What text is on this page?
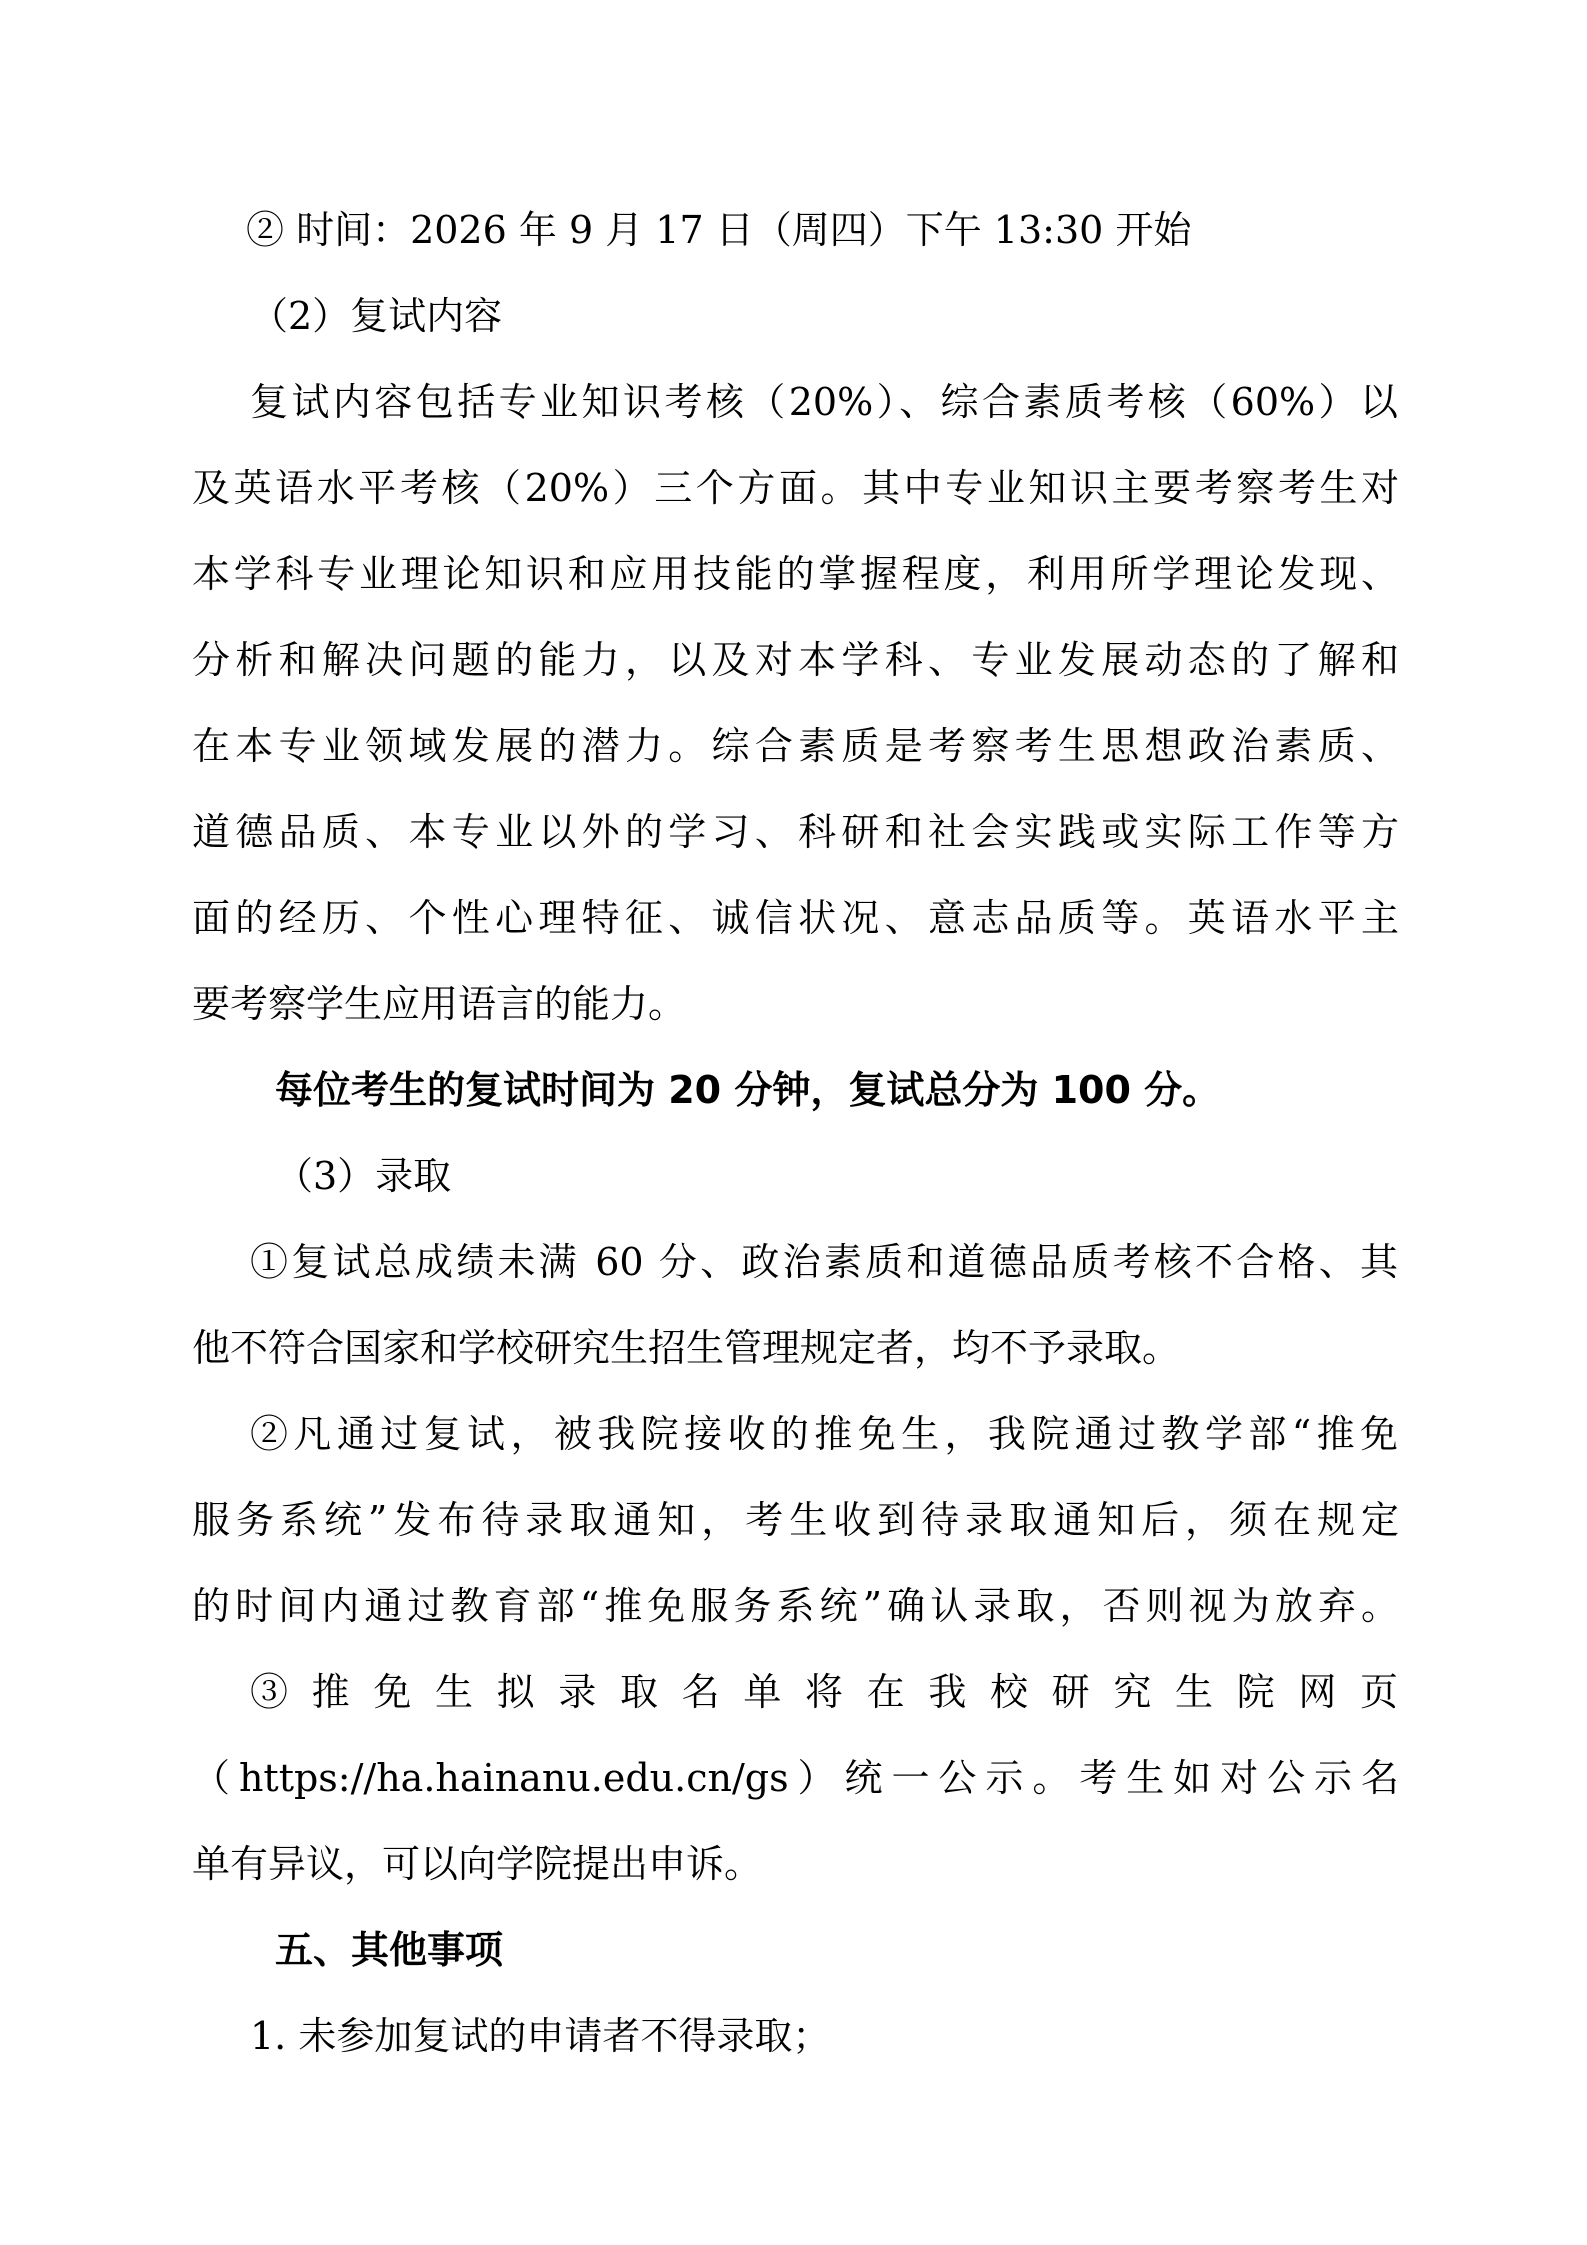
② 时间：2026 年 9 月 17 日（周四）下午 13:30 开始
（2）复试内容
复试内容包括专业知识考核（20%）、综合素质考核（60%）以
及英语水平考核（20%）三个方面。其中专业知识主要考察考生对
本学科专业理论知识和应用技能的掌握程度，利用所学理论发现、
分析和解决问题的能力，以及对本学科、专业发展动态的了解和
在本专业领域发展的潜力。综合素质是考察考生思想政治素质、
道德品质、本专业以外的学习、科研和社会实践或实际工作等方
面的经历、个性心理特征、诚信状况、意志品质等。英语水平主
要考察学生应用语言的能力。
每位考生的复试时间为 20 分钟，复试总分为 100 分。
（3）录取
①复试总成绩未满 60 分、政治素质和道德品质考核不合格、其
他不符合国家和学校研究生招生管理规定者，均不予录取。
②凡通过复试，被我院接收的推免生，我院通过教学部“推免
服务系统”发布待录取通知，考生收到待录取通知后，须在规定
的时间内通过教育部“推免服务系统”确认录取，否则视为放弃。
③ 推 免 生 拟 录 取 名 单 将 在 我 校 研 究 生 院 网 页
（https://ha.hainanu.edu.cn/gs）统一公示。考生如对公示名
单有异议，可以向学院提出申诉。
五、其他事项
1. 未参加复试的申请者不得录取；
